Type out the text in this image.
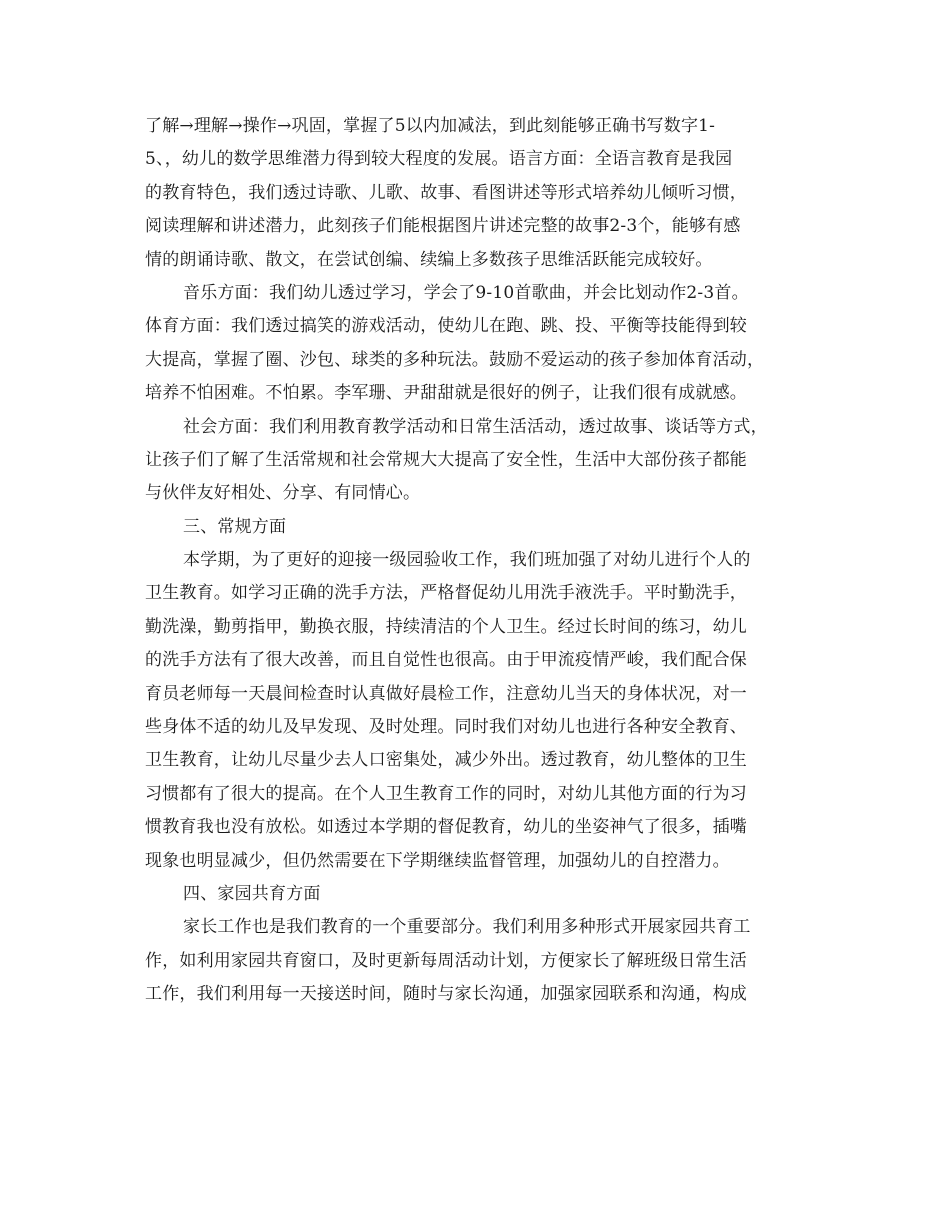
了解→理解→操作→巩固，掌握了5以内加减法，到此刻能够正确书写数字1-
5、，幼儿的数学思维潜力得到较大程度的发展。语言方面：全语言教育是我园
的教育特色，我们透过诗歌、儿歌、故事、看图讲述等形式培养幼儿倾听习惯，
阅读理解和讲述潜力，此刻孩子们能根据图片讲述完整的故事2-3个，能够有感
情的朗诵诗歌、散文，在尝试创编、续编上多数孩子思维活跃能完成较好。
音乐方面：我们幼儿透过学习，学会了9-10首歌曲，并会比划动作2-3首。
体育方面：我们透过搞笑的游戏活动，使幼儿在跑、跳、投、平衡等技能得到较
大提高，掌握了圈、沙包、球类的多种玩法。鼓励不爱运动的孩子参加体育活动，
培养不怕困难。不怕累。李军珊、尹甜甜就是很好的例子，让我们很有成就感。
社会方面：我们利用教育教学活动和日常生活活动，透过故事、谈话等方式，
让孩子们了解了生活常规和社会常规大大提高了安全性，生活中大部份孩子都能
与伙伴友好相处、分享、有同情心。
三、常规方面
本学期，为了更好的迎接一级园验收工作，我们班加强了对幼儿进行个人的
卫生教育。如学习正确的洗手方法，严格督促幼儿用洗手液洗手。平时勤洗手，
勤洗澡，勤剪指甲，勤换衣服，持续清洁的个人卫生。经过长时间的练习，幼儿
的洗手方法有了很大改善，而且自觉性也很高。由于甲流疫情严峻，我们配合保
育员老师每一天晨间检查时认真做好晨检工作，注意幼儿当天的身体状况，对一
些身体不适的幼儿及早发现、及时处理。同时我们对幼儿也进行各种安全教育、
卫生教育，让幼儿尽量少去人口密集处，减少外出。透过教育，幼儿整体的卫生
习惯都有了很大的提高。在个人卫生教育工作的同时，对幼儿其他方面的行为习
惯教育我也没有放松。如透过本学期的督促教育，幼儿的坐姿神气了很多，插嘴
现象也明显减少，但仍然需要在下学期继续监督管理，加强幼儿的自控潜力。
四、家园共育方面
家长工作也是我们教育的一个重要部分。我们利用多种形式开展家园共育工
作，如利用家园共育窗口，及时更新每周活动计划，方便家长了解班级日常生活
工作，我们利用每一天接送时间，随时与家长沟通，加强家园联系和沟通，构成
